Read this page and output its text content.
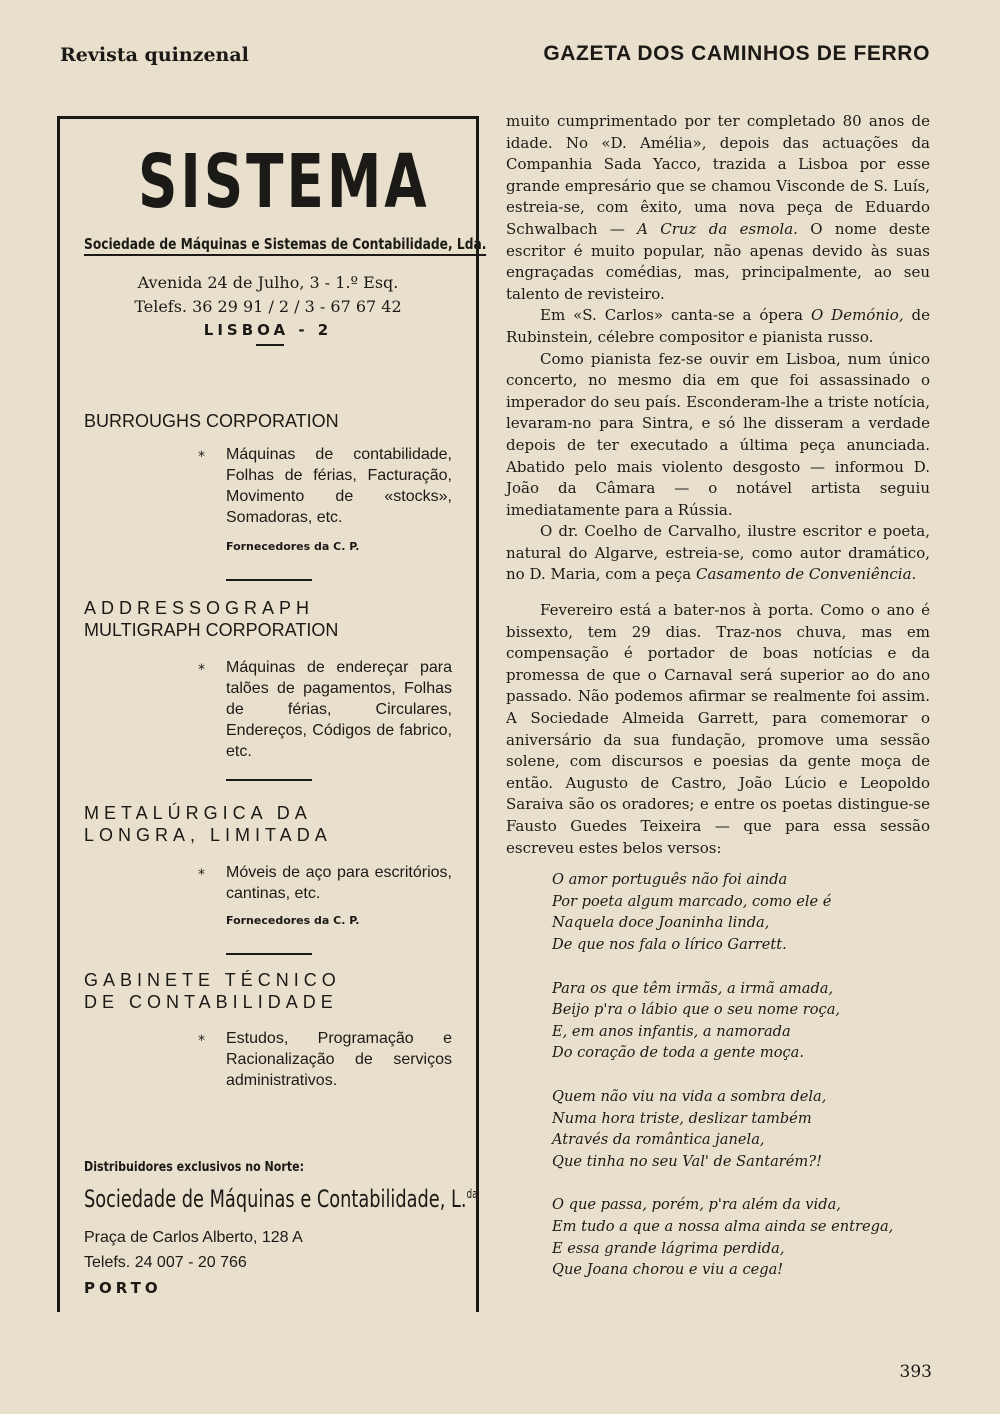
Revista quinzenal	GAZETA DOS CAMINHOS DE FERRO
SISTEMA
Sociedade de Máquinas e Sistemas de Contabilidade, Lda.
Avenida 24 de Julho, 3 - 1.º Esq.
Telefs. 36 29 91 / 2 / 3 - 67 67 42
LISBOA - 2
BURROUGHS CORPORATION
* Máquinas de contabilidade, Folhas de férias, Facturação, Movimento de «stocks», Somadoras, etc.
Fornecedores da C. P.
ADDRESSOGRAPH
MULTIGRAPH CORPORATION
* Máquinas de endereçar para talões de pagamentos, Folhas de férias, Circulares, Endereços, Códigos de fabrico, etc.
METALÚRGICA DA
LONGRA, LIMITADA
* Móveis de aço para escritórios, cantinas, etc.
Fornecedores da C. P.
GABINETE TÉCNICO
DE CONTABILIDADE
* Estudos, Programação e Racionalização de serviços administrativos.
Distribuidores exclusivos no Norte:
Sociedade de Máquinas e Contabilidade, L.$^{da}$
Praça de Carlos Alberto, 128 A
Telefs. 24 007 - 20 766
PORTO

muito cumprimentado por ter completado 80 anos de idade. No «D. Amélia», depois das actuações da Companhia Sada Yacco, trazida a Lisboa por esse grande empresário que se chamou Visconde de S. Luís, estreia-se, com êxito, uma nova peça de Eduardo Schwalbach — A Cruz da esmola. O nome deste escritor é muito popular, não apenas devido às suas engraçadas comédias, mas, principalmente, ao seu talento de revisteiro.

Em «S. Carlos» canta-se a ópera O Demónio, de Rubinstein, célebre compositor e pianista russo.

Como pianista fez-se ouvir em Lisboa, num único concerto, no mesmo dia em que foi assassinado o imperador do seu país. Esconderam-lhe a triste notícia, levaram-no para Sintra, e só lhe disseram a verdade depois de ter executado a última peça anunciada. Abatido pelo mais violento desgosto — informou D. João da Câmara — o notável artista seguiu imediatamente para a Rússia.

O dr. Coelho de Carvalho, ilustre escritor e poeta, natural do Algarve, estreia-se, como autor dramático, no D. Maria, com a peça Casamento de Conveniência.

Fevereiro está a bater-nos à porta. Como o ano é bissexto, tem 29 dias. Traz-nos chuva, mas em compensação é portador de boas notícias e da promessa de que o Carnaval será superior ao do ano passado. Não podemos afirmar se realmente foi assim. A Sociedade Almeida Garrett, para comemorar o aniversário da sua fundação, promove uma sessão solene, com discursos e poesias da gente moça de então. Augusto de Castro, João Lúcio e Leopoldo Saraiva são os oradores; e entre os poetas distingue-se Fausto Guedes Teixeira — que para essa sessão escreveu estes belos versos:

O amor português não foi ainda
Por poeta algum marcado, como ele é
Naquela doce Joaninha linda,
De que nos fala o lírico Garrett.
Para os que têm irmãs, a irmã amada,
Beijo p'ra o lábio que o seu nome roça,
E, em anos infantis, a namorada
Do coração de toda a gente moça.
Quem não viu na vida a sombra dela,
Numa hora triste, deslizar também
Através da romântica janela,
Que tinha no seu Val' de Santarém?!
O que passa, porém, p'ra além da vida,
Em tudo a que a nossa alma ainda se entrega,
E essa grande lágrima perdida,
Que Joana chorou e viu a cega!
393
